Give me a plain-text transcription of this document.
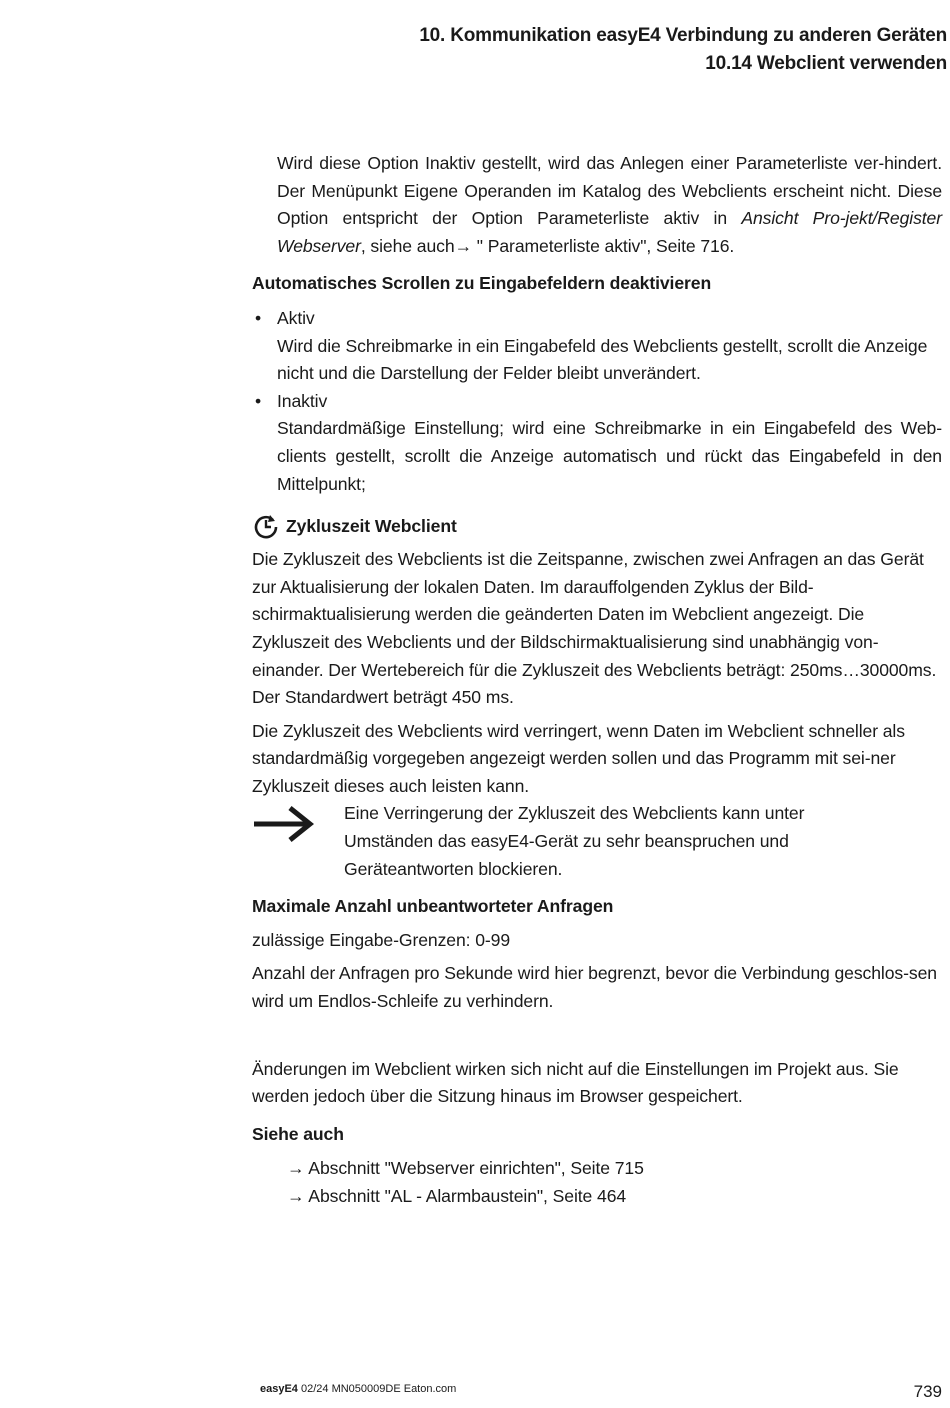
10. Kommunikation easyE4 Verbindung zu anderen Geräten
10.14 Webclient verwenden

Wird diese Option Inaktiv gestellt, wird das Anlegen einer Parameterliste ver-hindert. Der Menüpunkt Eigene Operanden im Katalog des Webclients erscheint nicht. Diese Option entspricht der Option Parameterliste aktiv in Ansicht Pro-jekt/Register Webserver, siehe auch→ " Parameterliste aktiv", Seite 716.

Automatisches Scrollen zu Eingabefeldern deaktivieren

• Aktiv
Wird die Schreibmarke in ein Eingabefeld des Webclients gestellt, scrollt die Anzeige nicht und die Darstellung der Felder bleibt unverändert.
• Inaktiv
Standardmäßige Einstellung; wird eine Schreibmarke in ein Eingabefeld des Web-clients gestellt, scrollt die Anzeige automatisch und rückt das Eingabefeld in den Mittelpunkt;
Zykluszeit Webclient

Die Zykluszeit des Webclients ist die Zeitspanne, zwischen zwei Anfragen an das Gerät zur Aktualisierung der lokalen Daten. Im darauffolgenden Zyklus der Bild-schirmaktualisierung werden die geänderten Daten im Webclient angezeigt. Die Zykluszeit des Webclients und der Bildschirmaktualisierung sind unabhängig von-einander. Der Wertebereich für die Zykluszeit des Webclients beträgt: 250ms…30000ms. Der Standardwert beträgt 450 ms.

Die Zykluszeit des Webclients wird verringert, wenn Daten im Webclient schneller als standardmäßig vorgegeben angezeigt werden sollen und das Programm mit sei-ner Zykluszeit dieses auch leisten kann.

Eine Verringerung der Zykluszeit des Webclients kann unter Umständen das easyE4-Gerät zu sehr beanspruchen und Geräteantworten blockieren.

Maximale Anzahl unbeantworteter Anfragen

zulässige Eingabe-Grenzen: 0-99

Anzahl der Anfragen pro Sekunde wird hier begrenzt, bevor die Verbindung geschlos-sen wird um Endlos-Schleife zu verhindern.

Änderungen im Webclient wirken sich nicht auf die Einstellungen im Projekt aus. Sie werden jedoch über die Sitzung hinaus im Browser gespeichert.

Siehe auch

→ Abschnitt "Webserver einrichten", Seite 715
→ Abschnitt "AL - Alarmbaustein", Seite 464
easyE4 02/24 MN050009DE Eaton.com	739
